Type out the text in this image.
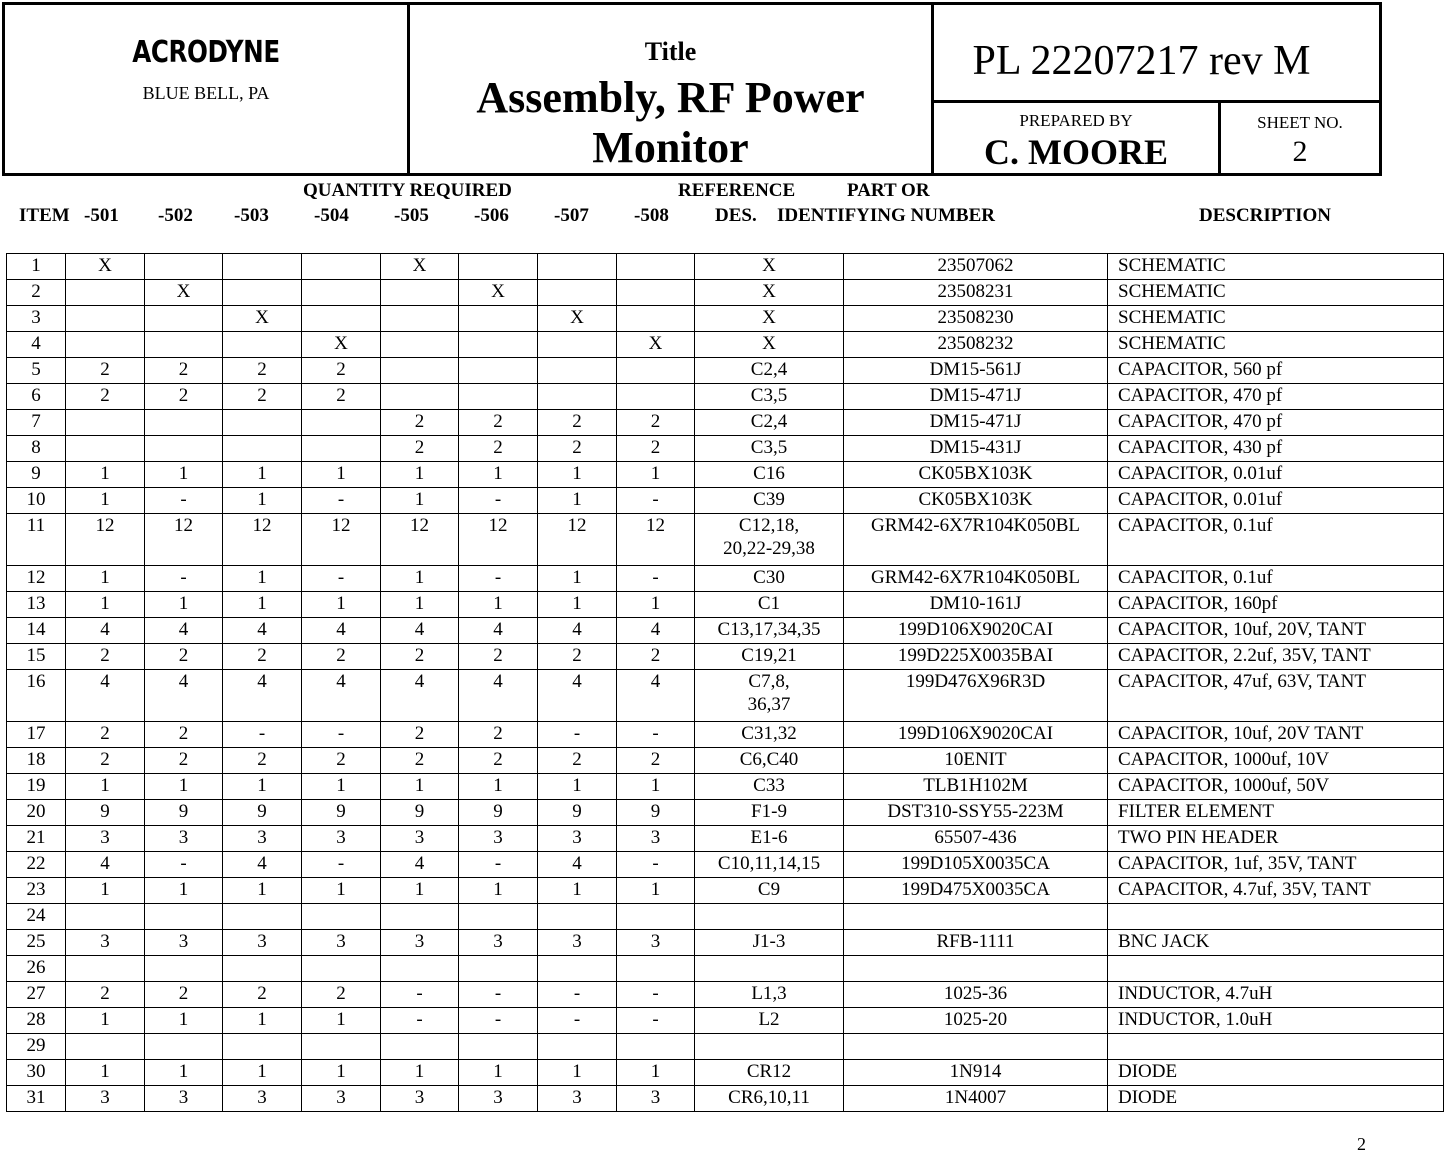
ACRODYNE
BLUE BELL, PA
Title
Assembly, RF Power Monitor
PL 22207217 rev M
PREPARED BY
C. MOORE
SHEET NO.
2
QUANTITY REQUIRED	REFERENCE	PART OR
ITEM -501 -502 -503 -504 -505 -506 -507 -508 DES. IDENTIFYING NUMBER	DESCRIPTION
1	X				X				X	23507062	SCHEMATIC
2		X				X			X	23508231	SCHEMATIC
3			X				X		X	23508230	SCHEMATIC
4				X				X	X	23508232	SCHEMATIC
5	2	2	2	2					C2,4	DM15-561J	CAPACITOR, 560 pf
6	2	2	2	2					C3,5	DM15-471J	CAPACITOR, 470 pf
7					2	2	2	2	C2,4	DM15-471J	CAPACITOR, 470 pf
8					2	2	2	2	C3,5	DM15-431J	CAPACITOR, 430 pf
9	1	1	1	1	1	1	1	1	C16	CK05BX103K	CAPACITOR, 0.01uf
10	1	-	1	-	1	-	1	-	C39	CK05BX103K	CAPACITOR, 0.01uf
11	12	12	12	12	12	12	12	12	C12,18,
20,22-29,38	GRM42-6X7R104K050BL	CAPACITOR, 0.1uf
12	1	-	1	-	1	-	1	-	C30	GRM42-6X7R104K050BL	CAPACITOR, 0.1uf
13	1	1	1	1	1	1	1	1	C1	DM10-161J	CAPACITOR, 160pf
14	4	4	4	4	4	4	4	4	C13,17,34,35	199D106X9020CAI	CAPACITOR, 10uf, 20V, TANT
15	2	2	2	2	2	2	2	2	C19,21	199D225X0035BAI	CAPACITOR, 2.2uf, 35V, TANT
16	4	4	4	4	4	4	4	4	C7,8,
36,37	199D476X96R3D	CAPACITOR, 47uf, 63V, TANT
17	2	2	-	-	2	2	-	-	C31,32	199D106X9020CAI	CAPACITOR, 10uf, 20V TANT
18	2	2	2	2	2	2	2	2	C6,C40	10ENIT	CAPACITOR, 1000uf, 10V
19	1	1	1	1	1	1	1	1	C33	TLB1H102M	CAPACITOR, 1000uf, 50V
20	9	9	9	9	9	9	9	9	F1-9	DST310-SSY55-223M	FILTER ELEMENT
21	3	3	3	3	3	3	3	3	E1-6	65507-436	TWO PIN HEADER
22	4	-	4	-	4	-	4	-	C10,11,14,15	199D105X0035CA	CAPACITOR, 1uf, 35V, TANT
23	1	1	1	1	1	1	1	1	C9	199D475X0035CA	CAPACITOR, 4.7uf, 35V, TANT
24											
25	3	3	3	3	3	3	3	3	J1-3	RFB-1111	BNC JACK
26											
27	2	2	2	2	-	-	-	-	L1,3	1025-36	INDUCTOR, 4.7uH
28	1	1	1	1	-	-	-	-	L2	1025-20	INDUCTOR, 1.0uH
29											
30	1	1	1	1	1	1	1	1	CR12	1N914	DIODE
31	3	3	3	3	3	3	3	3	CR6,10,11	1N4007	DIODE
2
